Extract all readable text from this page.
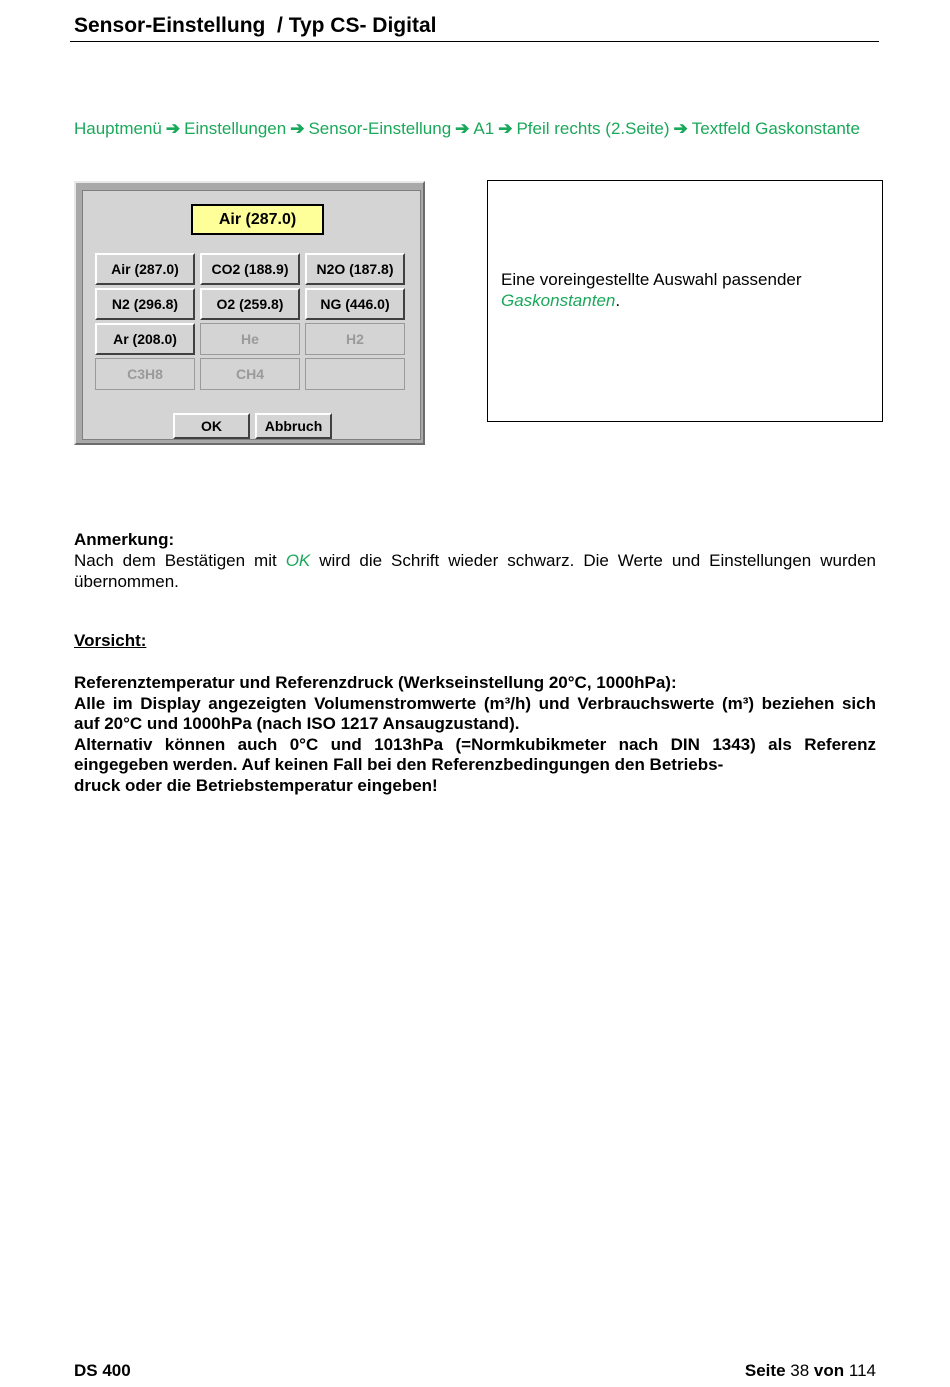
Sensor-Einstellung  / Typ CS- Digital
Hauptmenü ➔ Einstellungen ➔ Sensor-Einstellung ➔ A1 ➔ Pfeil rechts (2.Seite) ➔ Textfeld Gaskonstante
Air (287.0)
Air (287.0)	CO2 (188.9)	N2O (187.8)
N2 (296.8)	O2 (259.8)	NG (446.0)
Ar (208.0)	He	H2
C3H8	CH4
OK	Abbruch
Eine voreingestellte Auswahl passender
Gaskonstanten.
Anmerkung:
Nach dem Bestätigen mit OK wird die Schrift wieder schwarz. Die Werte und Einstellungen wurden übernommen.
Vorsicht:

Referenztemperatur und Referenzdruck (Werkseinstellung 20°C, 1000hPa):

Alle im Display angezeigten Volumenstromwerte (m³/h) und Verbrauchswerte (m³) beziehen sich auf 20°C und 1000hPa (nach ISO 1217 Ansaugzustand).

Alternativ können auch 0°C und 1013hPa (=Normkubikmeter nach DIN 1343) als Referenz eingegeben werden. Auf keinen Fall bei den Referenzbedingungen den Betriebs-

druck oder die Betriebstemperatur eingeben!

DS 400	Seite 38 von 114
